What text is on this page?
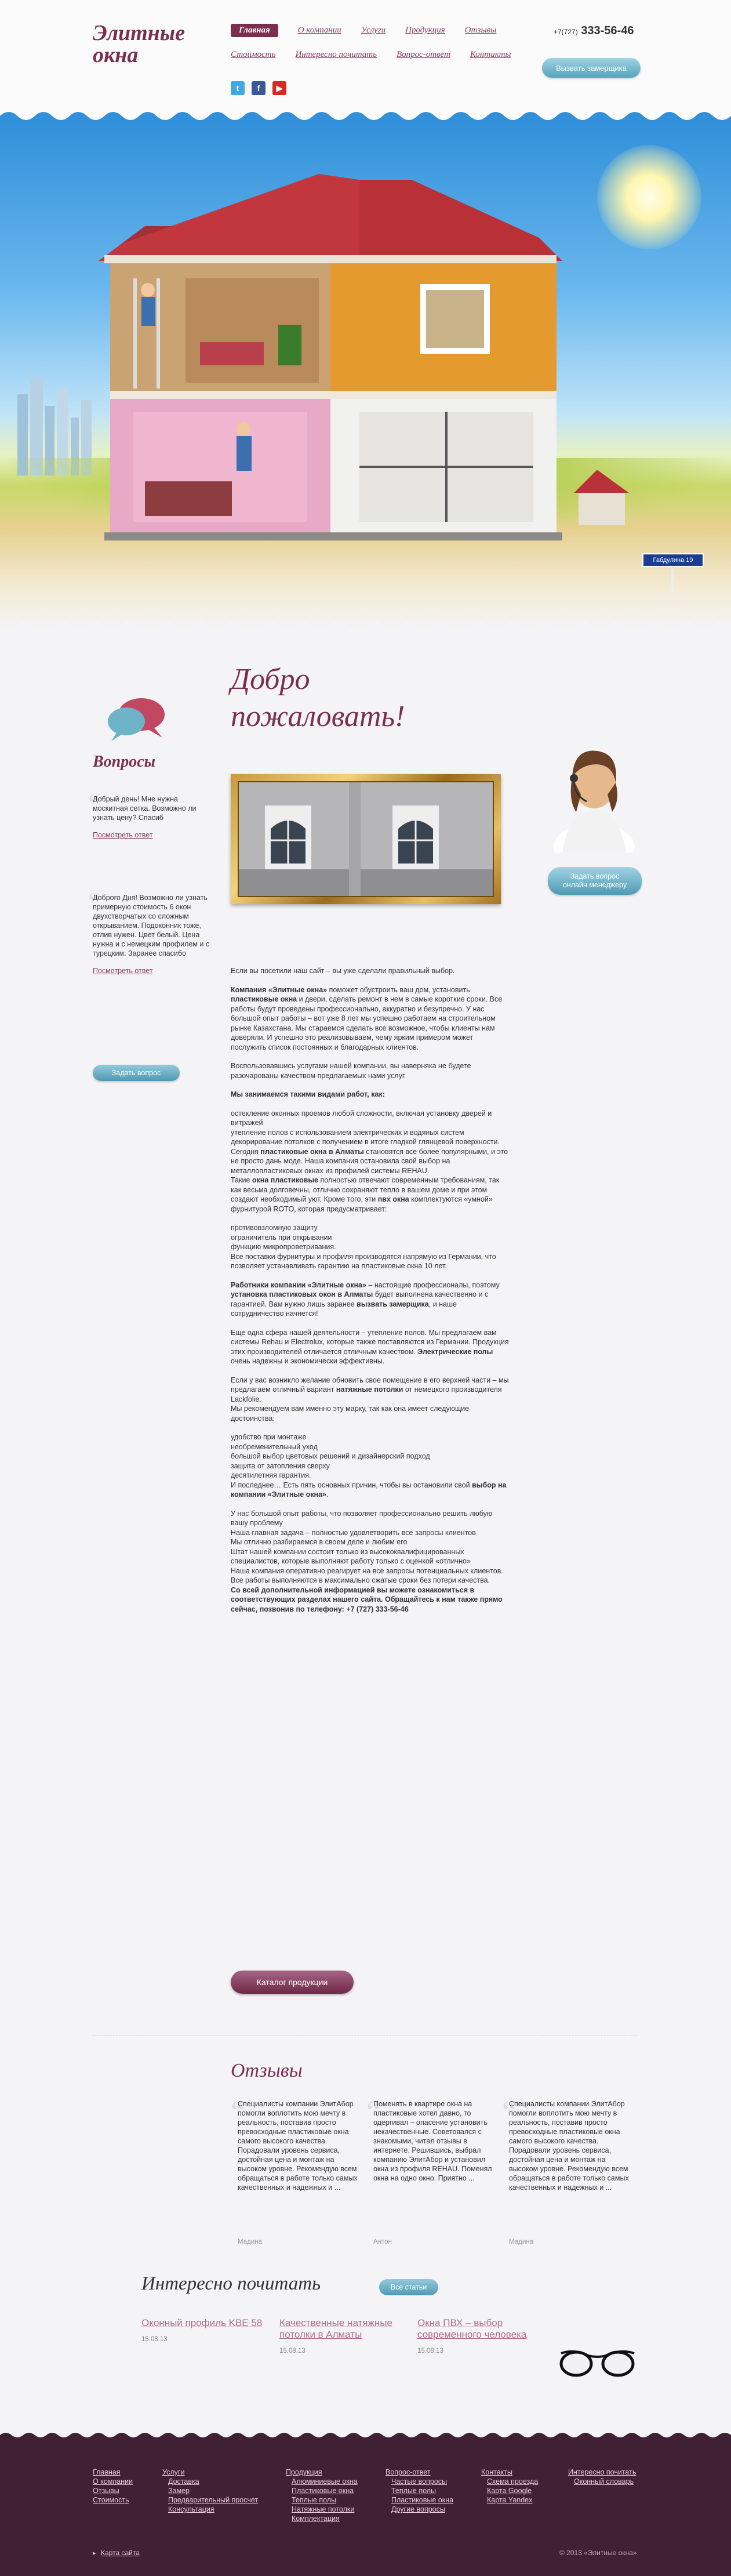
Элитные
окна
Главная	О компании Услуги Продукция Отзывы
Стоимость Интересно почитать Вопрос-ответ Контакты
+7(727) 333-56-46
Вызвать замерщика
t	f	▶
Габдулина 19
Добро
пожаловать!
Вопросы
“
Добрый день! Мне нужна москитная сетка. Возможно ли узнать цену? Спасиб
Посмотреть ответ
“
Доброго Дня! Возможно ли узнать примерную стоимость 6 окон двухстворчатых со сложным открыванием. Подоконник тоже, отлив нужен. Цвет белый. Цена нужна и с немецким профилем и с турецким. Заранее спасибо
Посмотреть ответ
Задать вопрос
Задать вопрос
онлайн менеджеру

Если вы посетили наш сайт – вы уже сделали правильный выбор.

Компания «Элитные окна» поможет обустроить ваш дом, установить пластиковые окна и двери, сделать ремонт в нем в самые короткие сроки. Все работы будут проведены профессионально, аккуратно и безупречно. У нас большой опыт работы – вот уже 8 лет мы успешно работаем на строительном рынке Казахстана. Мы стараемся сделать все возможное, чтобы клиенты нам доверяли. И успешно это реализовываем, чему ярким примером может послужить список постоянных и благодарных клиентов.

Воспользовавшись услугами нашей компании, вы наверняка не будете разочарованы качеством предлагаемых нами услуг.

Мы занимаемся такими видами работ, как:

остекление оконных проемов любой сложности, включая установку дверей и витражей

утепление полов с использованием электрических и водяных систем

декорирование потолков с получением в итоге гладкой глянцевой поверхности.

Сегодня пластиковые окна в Алматы становятся все более популярными, и это не просто дань моде. Наша компания остановила свой выбор на металлопластиковых окнах из профилей системы REHAU.

Такие окна пластиковые полностью отвечают современным требованиям, так как весьма долговечны, отлично сохраняют тепло в вашем доме и при этом создают необходимый уют. Кроме того, эти пвх окна комплектуются «умной» фурнитурой ROTO, которая предусматривает:

противовзломную защиту

ограничитель при открывании

функцию микропроветривания.

Все поставки фурнитуры и профиля производятся напрямую из Германии, что позволяет устанавливать гарантию на пластиковые окна 10 лет.

Работники компании «Элитные окна» – настоящие профессионалы, поэтому установка пластиковых окон в Алматы будет выполнена качественно и с гарантией. Вам нужно лишь заранее вызвать замерщика, и наше сотрудничество начнется!

Еще одна сфера нашей деятельности – утепление полов. Мы предлагаем вам системы Rehau и Electrolux, которые также поставляются из Германии. Продукция этих производителей отличается отличным качеством. Электрические полы очень надежны и экономически эффективны.

Если у вас возникло желание обновить свое помещение в его верхней части – мы предлагаем отличный вариант натяжные потолки от немецкого производителя Lackfolie.

Мы рекомендуем вам именно эту марку, так как она имеет следующие достоинства:

удобство при монтаже

необременительный уход

большой выбор цветовых решений и дизайнерский подход

защита от затопления сверху

десятилетняя гарантия.

И последнее… Есть пять основных причин, чтобы вы остановили свой выбор на компании «Элитные окна».

У нас большой опыт работы, что позволяет профессионально решить любую вашу проблему

Наша главная задача – полностью удовлетворить все запросы клиентов

Мы отлично разбираемся в своем деле и любим его

Штат нашей компании состоит только из высококвалифицированных специалистов, которые выполняют работу только с оценкой «отлично»

Наша компания оперативно реагирует на все запросы потенциальных клиентов. Все работы выполняются в максимально сжатые сроки без потери качества.

Со всей дополнительной информацией вы можете ознакомиться в соответствующих разделах нашего сайта. Обращайтесь к нам также прямо сейчас, позвонив по телефону: +7 (727) 333-56-46

Каталог продукции
Отзывы
“
Специалисты компании ЭлитАбор помогли воплотить мою мечту в реальность, поставив просто превосходные пластиковые окна самого высокого качества. Порадовали уровень сервиса, достойная цена и монтаж на высоком уровне. Рекомендую всем обращаться в работе только самых качественных и надежных и ...
Мадина
“
Поменять в квартире окна на пластиковые хотел давно, то одергивал – опасение установить некачественные. Советовался с знакомыми, читал отзывы в интернете. Решившись, выбрал компанию ЭлитАбор и установил окна из профиля REHAU. Поменял окна на одно окно. Приятно ...
Антон
“
Специалисты компании ЭлитАбор помогли воплотить мою мечту в реальность, поставив просто превосходные пластиковые окна самого высокого качества. Порадовали уровень сервиса, достойная цена и монтаж на высоком уровне. Рекомендую всем обращаться в работе только самых качественных и надежных и ...
Мадина
Интересно почитать	Все статьи
Оконный профиль KBE 58
15.08.13
Качественные натяжные потолки в Алматы
15.08.13
Окна ПВХ – выбор современного человека
15.08.13
Главная
О компании
Отзывы
Стоимость
Услуги
Доставка
Замер
Предварительный просчет
Консультация
Продукция
Алюминиевые окна
Пластиковые окна
Теплые полы
Натяжные потолки
Комплектация
Вопрос-ответ
Частые вопросы
Теплые полы
Пластиковые окна
Другие вопросы
Контакты
Схема проезда
Карта Google
Карта Yandex
Интересно почитать
Оконный словарь
▸ Карта сайта	© 2013 «Элитные окна»
